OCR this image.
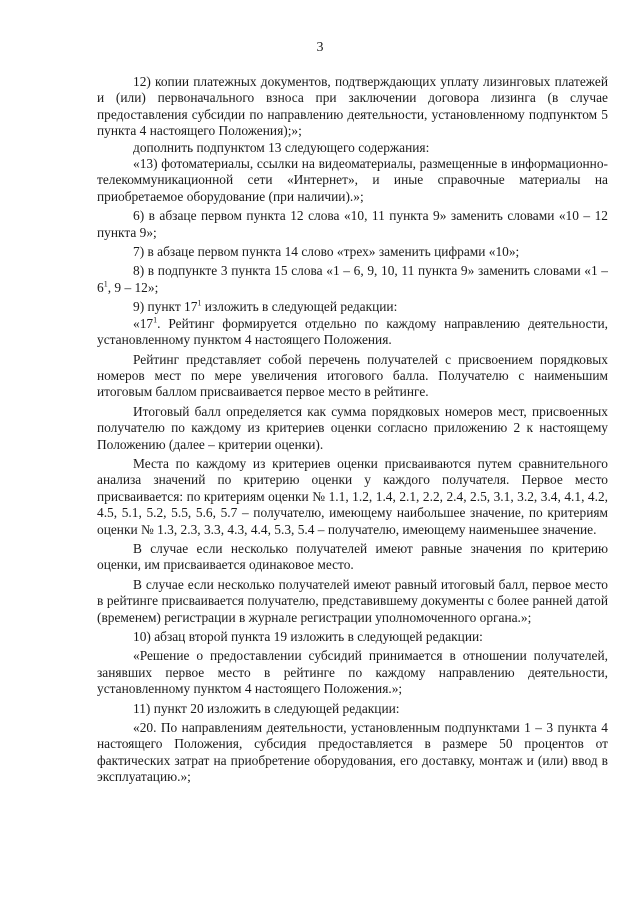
3

12) копии платежных документов, подтверждающих уплату лизинговых платежей и (или) первоначального взноса при заключении договора лизинга (в случае предоставления субсидии по направлению деятельности, установленному подпунктом 5 пункта 4 настоящего Положения);»;

дополнить подпунктом 13 следующего содержания:

«13) фотоматериалы, ссылки на видеоматериалы, размещенные в информационно-телекоммуникационной сети «Интернет», и иные справочные материалы на приобретаемое оборудование (при наличии).»;

6) в абзаце первом пункта 12 слова «10, 11 пункта 9» заменить словами «10 – 12 пункта 9»;

7) в абзаце первом пункта 14 слово «трех» заменить цифрами «10»;

8) в подпункте 3 пункта 15 слова «1 – 6, 9, 10, 11 пункта 9» заменить словами «$1 - 6^1$, 9 – 12»;

9) пункт $17^1$ изложить в следующей редакции:

«$17^1$. Рейтинг формируется отдельно по каждому направлению деятельности, установленному пунктом 4 настоящего Положения.

Рейтинг представляет собой перечень получателей с присвоением порядковых номеров мест по мере увеличения итогового балла. Получателю с наименьшим итоговым баллом присваивается первое место в рейтинге.

Итоговый балл определяется как сумма порядковых номеров мест, присвоенных получателю по каждому из критериев оценки согласно приложению 2 к настоящему Положению (далее – критерии оценки).

Места по каждому из критериев оценки присваиваются путем сравнительного анализа значений по критерию оценки у каждого получателя. Первое место присваивается: по критериям оценки № 1.1, 1.2, 1.4, 2.1, 2.2, 2.4, 2.5, 3.1, 3.2, 3.4, 4.1, 4.2, 4.5, 5.1, 5.2, 5.5, 5.6, 5.7 – получателю, имеющему наибольшее значение, по критериям оценки № 1.3, 2.3, 3.3, 4.3, 4.4, 5.3, 5.4 – получателю, имеющему наименьшее значение.

В случае если несколько получателей имеют равные значения по критерию оценки, им присваивается одинаковое место.

В случае если несколько получателей имеют равный итоговый балл, первое место в рейтинге присваивается получателю, представившему документы с более ранней датой (временем) регистрации в журнале регистрации уполномоченного органа.»;

10) абзац второй пункта 19 изложить в следующей редакции:

«Решение о предоставлении субсидий принимается в отношении получателей, занявших первое место в рейтинге по каждому направлению деятельности, установленному пунктом 4 настоящего Положения.»;

11) пункт 20 изложить в следующей редакции:

«20. По направлениям деятельности, установленным подпунктами 1 – 3 пункта 4 настоящего Положения, субсидия предоставляется в размере 50 процентов от фактических затрат на приобретение оборудования, его доставку, монтаж и (или) ввод в эксплуатацию.»;
